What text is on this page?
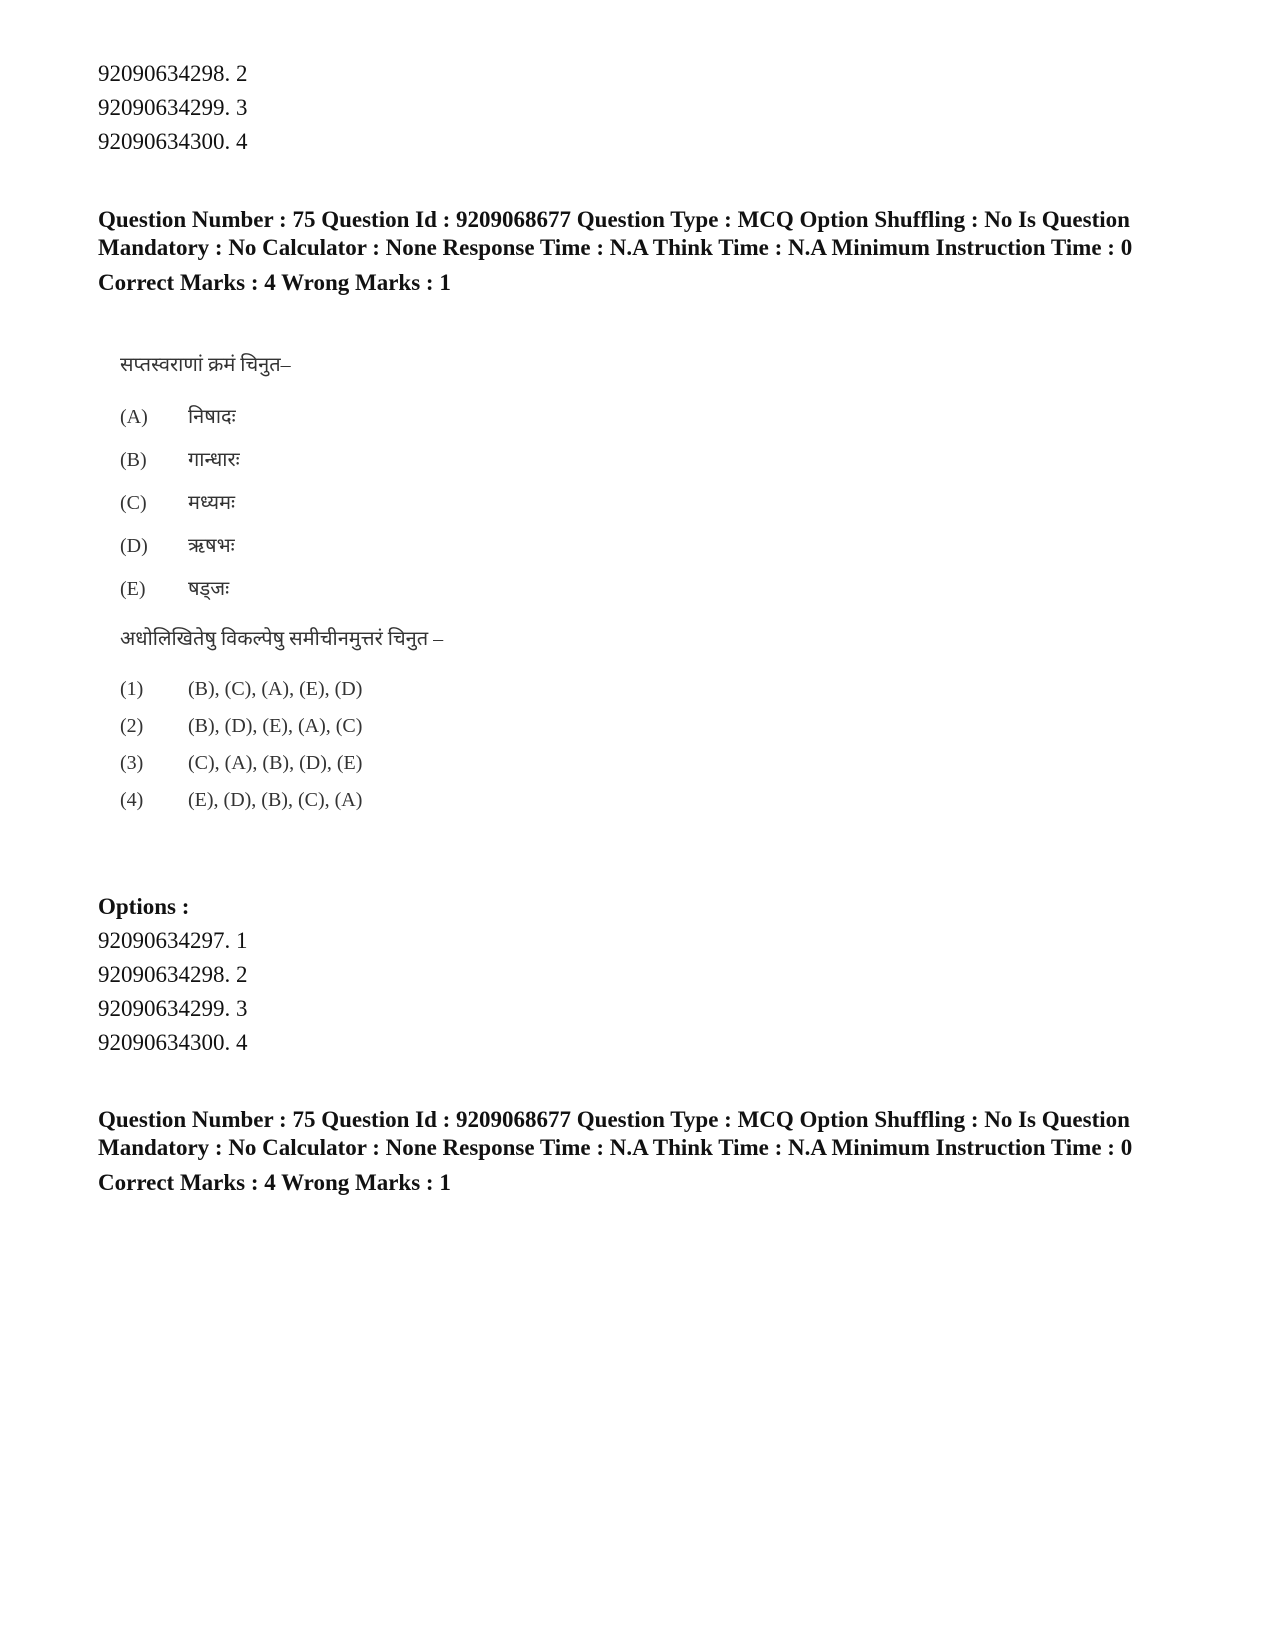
92090634298. 2

92090634299. 3

92090634300. 4

Question Number : 75 Question Id : 9209068677 Question Type : MCQ Option Shuffling : No Is Question Mandatory : No Calculator : None Response Time : N.A Think Time : N.A Minimum Instruction Time : 0

Correct Marks : 4 Wrong Marks : 1

सप्तस्वराणां क्रमं चिनुत–

(A)	निषादः
(B)	गान्धारः
(C)	मध्यमः
(D)	ऋषभः
(E)	षड्जः

अधोलिखितेषु विकल्पेषु समीचीनमुत्तरं चिनुत –

(1)	(B), (C), (A), (E), (D)
(2)	(B), (D), (E), (A), (C)
(3)	(C), (A), (B), (D), (E)
(4)	(E), (D), (B), (C), (A)

Options :

92090634297. 1

92090634298. 2

92090634299. 3

92090634300. 4

Question Number : 75 Question Id : 9209068677 Question Type : MCQ Option Shuffling : No Is Question Mandatory : No Calculator : None Response Time : N.A Think Time : N.A Minimum Instruction Time : 0

Correct Marks : 4 Wrong Marks : 1
